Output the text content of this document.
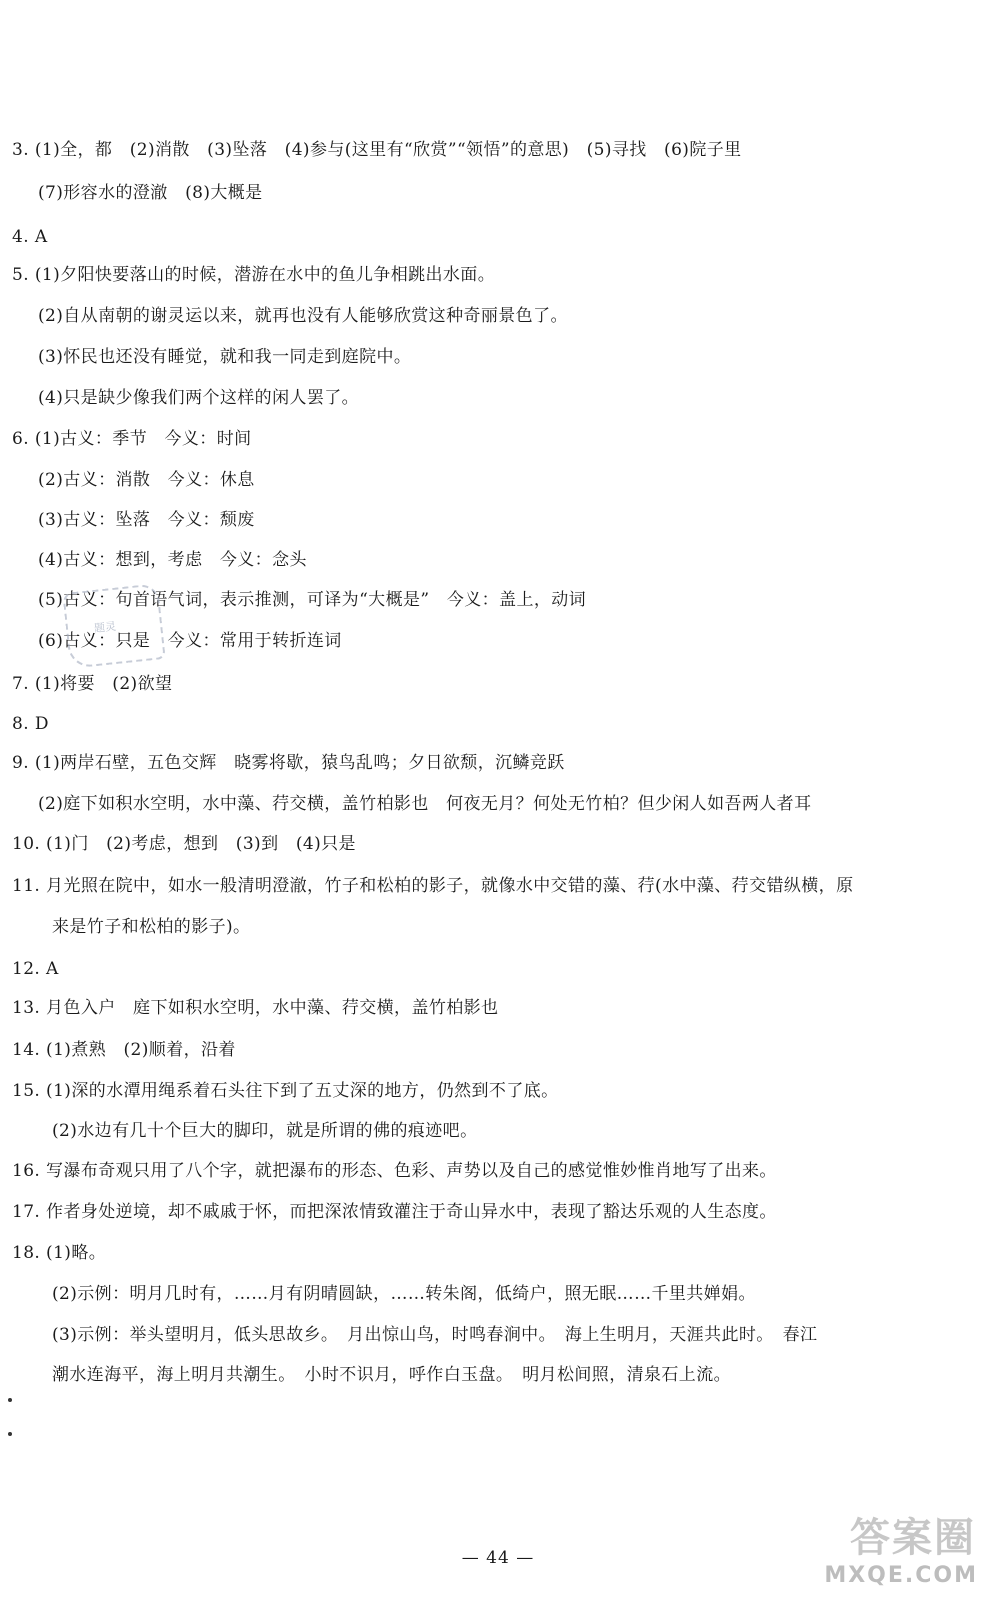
3. (1)全，都　(2)消散　(3)坠落　(4)参与(这里有“欣赏”“领悟”的意思)　(5)寻找　(6)院子里
(7)形容水的澄澈　(8)大概是
4. A
5. (1)夕阳快要落山的时候，潜游在水中的鱼儿争相跳出水面。
(2)自从南朝的谢灵运以来，就再也没有人能够欣赏这种奇丽景色了。
(3)怀民也还没有睡觉，就和我一同走到庭院中。
(4)只是缺少像我们两个这样的闲人罢了。
6. (1)古义：季节　今义：时间
(2)古义：消散　今义：休息
(3)古义：坠落　今义：颓废
(4)古义：想到，考虑　今义：念头
(5)古义：句首语气词，表示推测，可译为“大概是”　今义：盖上，动词
(6)古义：只是　今义：常用于转折连词
7. (1)将要　(2)欲望
8. D
9. (1)两岸石壁，五色交辉　晓雾将歇，猿鸟乱鸣；夕日欲颓，沉鳞竞跃
(2)庭下如积水空明，水中藻、荇交横，盖竹柏影也　何夜无月？何处无竹柏？但少闲人如吾两人者耳
10. (1)门　(2)考虑，想到　(3)到　(4)只是
11. 月光照在院中，如水一般清明澄澈，竹子和松柏的影子，就像水中交错的藻、荇(水中藻、荇交错纵横，原
来是竹子和松柏的影子)。
12. A
13. 月色入户　庭下如积水空明，水中藻、荇交横，盖竹柏影也
14. (1)煮熟　(2)顺着，沿着
15. (1)深的水潭用绳系着石头往下到了五丈深的地方，仍然到不了底。
(2)水边有几十个巨大的脚印，就是所谓的佛的痕迹吧。
16. 写瀑布奇观只用了八个字，就把瀑布的形态、色彩、声势以及自己的感觉惟妙惟肖地写了出来。
17. 作者身处逆境，却不戚戚于怀，而把深浓情致灌注于奇山异水中，表现了豁达乐观的人生态度。
18. (1)略。
(2)示例：明月几时有，……月有阴晴圆缺，……转朱阁，低绮户，照无眠……千里共婵娟。
(3)示例：举头望明月，低头思故乡。　月出惊山鸟，时鸣春涧中。　海上生明月，天涯共此时。　春江
潮水连海平，海上明月共潮生。　小时不识月，呼作白玉盘。　明月松间照，清泉石上流。
题灵
— 44 —	答案圈
MXQE.COM
